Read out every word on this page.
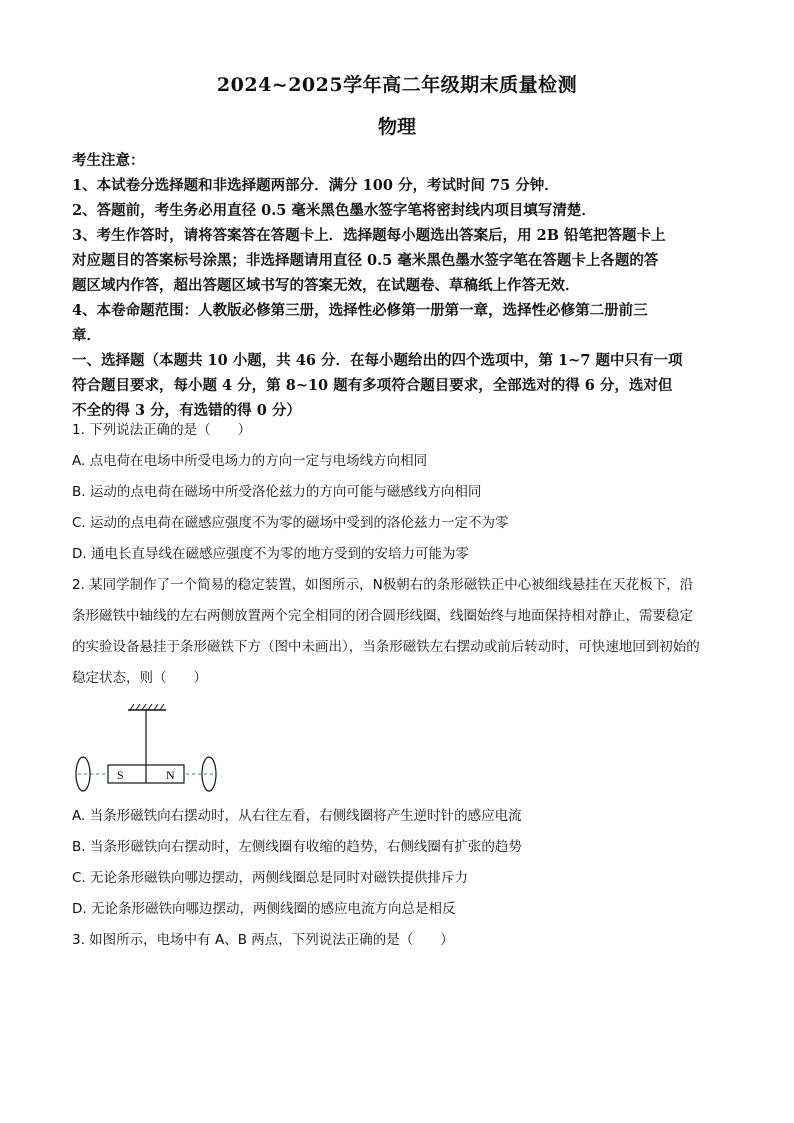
2024~2025学年高二年级期末质量检测
物理
考生注意：
1、本试卷分选择题和非选择题两部分．满分 100 分，考试时间 75 分钟．
2、答题前，考生务必用直径 0.5 毫米黑色墨水签字笔将密封线内项目填写清楚．
3、考生作答时，请将答案答在答题卡上．选择题每小题选出答案后，用 2B 铅笔把答题卡上
对应题目的答案标号涂黑；非选择题请用直径 0.5 毫米黑色墨水签字笔在答题卡上各题的答
题区域内作答，超出答题区域书写的答案无效，在试题卷、草稿纸上作答无效．
4、本卷命题范围：人教版必修第三册，选择性必修第一册第一章，选择性必修第二册前三
章．
一、选择题（本题共 10 小题，共 46 分．在每小题给出的四个选项中，第 1~7 题中只有一项
符合题目要求，每小题 4 分，第 8~10 题有多项符合题目要求，全部选对的得 6 分，选对但
不全的得 3 分，有选错的得 0 分）
1. 下列说法正确的是（　　）
A. 点电荷在电场中所受电场力的方向一定与电场线方向相同
B. 运动的点电荷在磁场中所受洛伦兹力的方向可能与磁感线方向相同
C. 运动的点电荷在磁感应强度不为零的磁场中受到的洛伦兹力一定不为零
D. 通电长直导线在磁感应强度不为零的地方受到的安培力可能为零
2. 某同学制作了一个简易的稳定装置，如图所示，N极朝右的条形磁铁正中心被细线悬挂在天花板下，沿
条形磁铁中轴线的左右两侧放置两个完全相同的闭合圆形线圈，线圈始终与地面保持相对静止，需要稳定
的实验设备悬挂于条形磁铁下方（图中未画出），当条形磁铁左右摆动或前后转动时，可快速地回到初始的
稳定状态，则（　　）
S	N
A. 当条形磁铁向右摆动时，从右往左看，右侧线圈将产生逆时针的感应电流
B. 当条形磁铁向右摆动时，左侧线圈有收缩的趋势，右侧线圈有扩张的趋势
C. 无论条形磁铁向哪边摆动，两侧线圈总是同时对磁铁提供排斥力
D. 无论条形磁铁向哪边摆动，两侧线圈的感应电流方向总是相反
3. 如图所示，电场中有 A、B 两点，下列说法正确的是（　　）
